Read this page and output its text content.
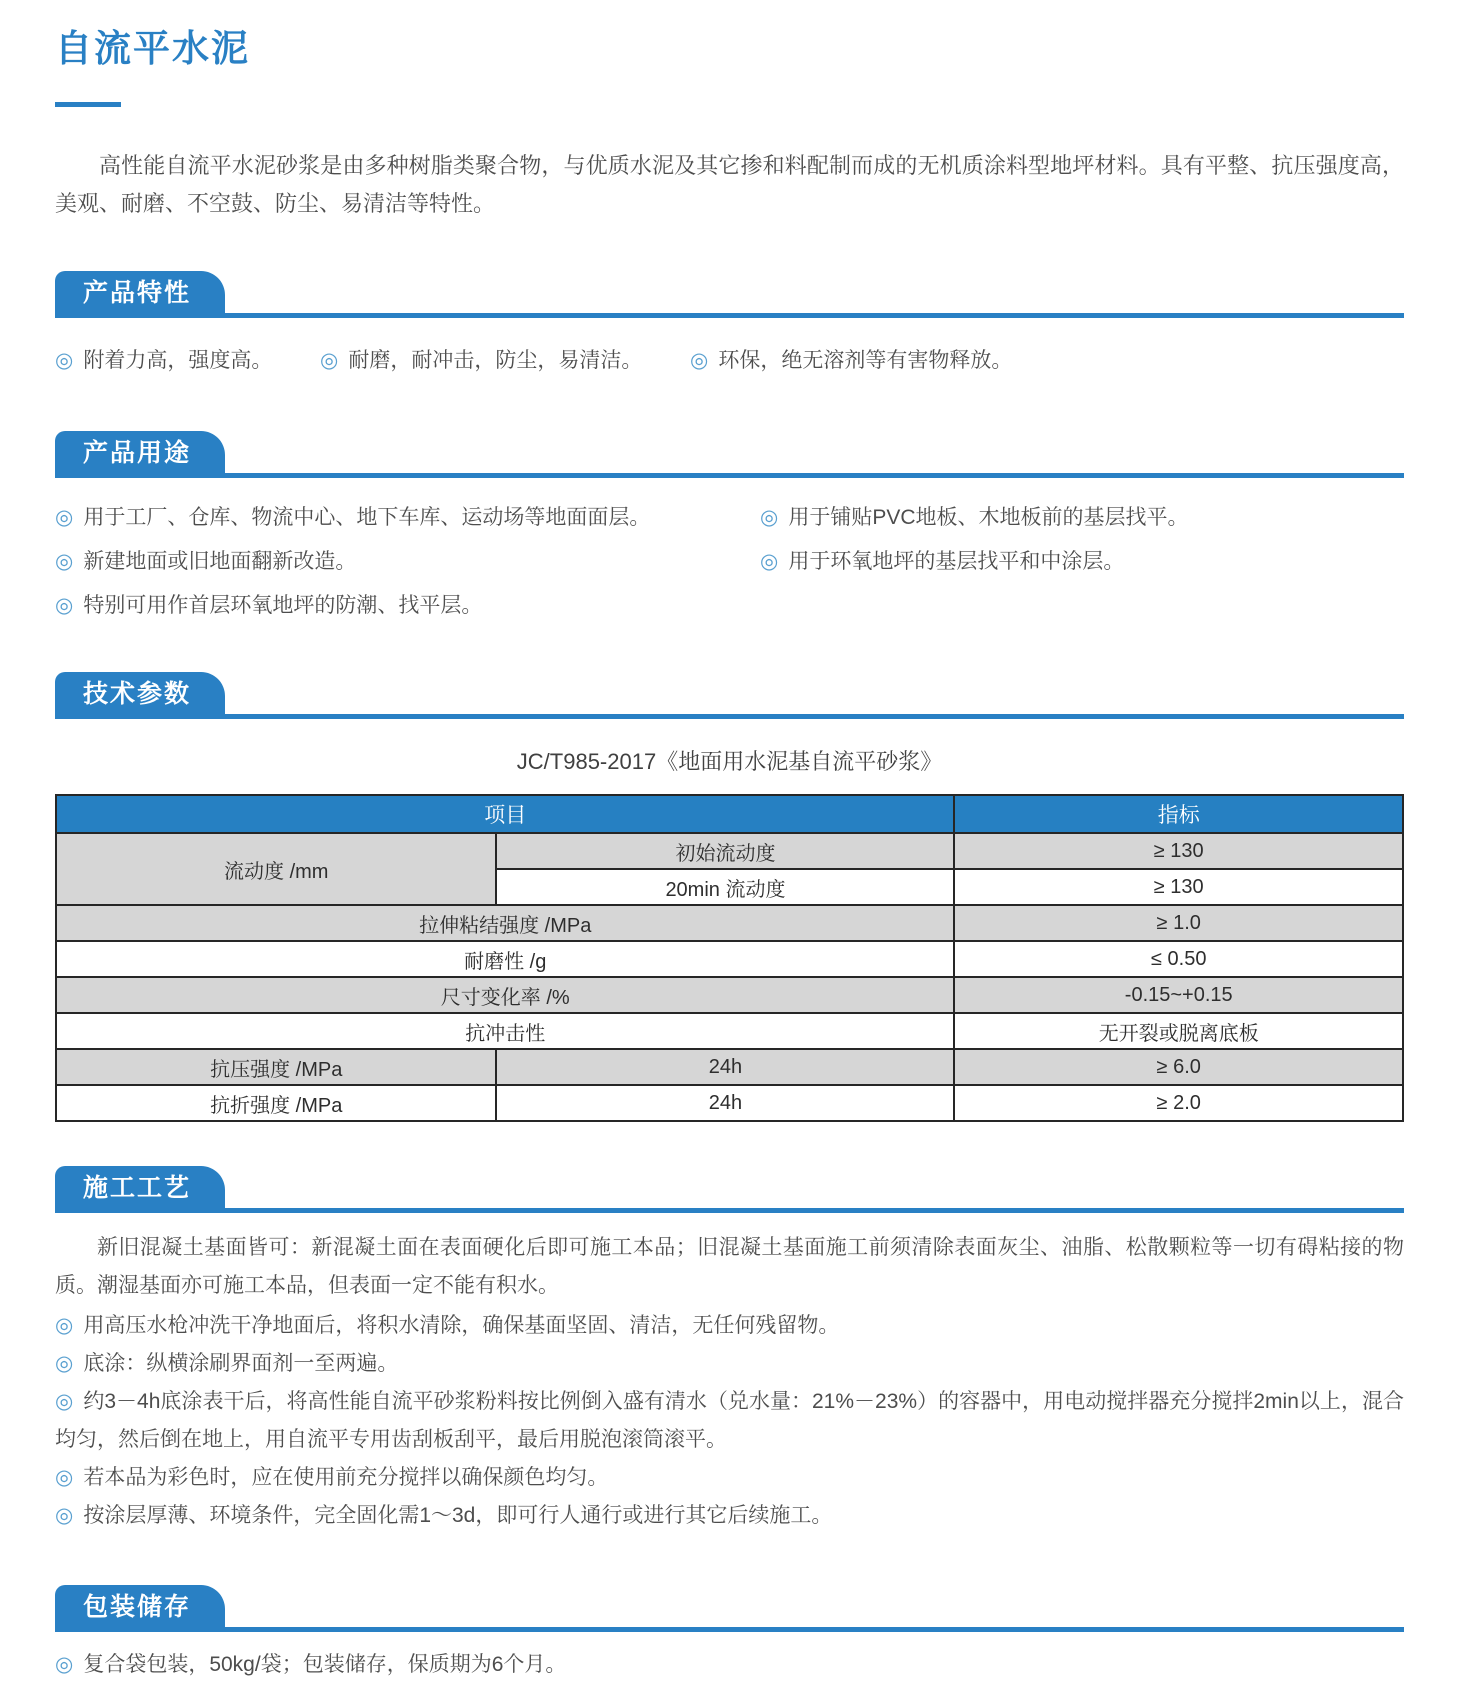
自流平水泥

高性能自流平水泥砂浆是由多种树脂类聚合物，与优质水泥及其它掺和料配制而成的无机质涂料型地坪材料。具有平整、抗压强度高，美观、耐磨、不空鼓、防尘、易清洁等特性。

产品特性
◎ 附着力高，强度高。 ◎ 耐磨，耐冲击，防尘，易清洁。 ◎ 环保，绝无溶剂等有害物释放。
产品用途
◎ 用于工厂、仓库、物流中心、地下车库、运动场等地面面层。
◎ 新建地面或旧地面翻新改造。
◎ 特别可用作首层环氧地坪的防潮、找平层。
◎ 用于铺贴PVC地板、木地板前的基层找平。
◎ 用于环氧地坪的基层找平和中涂层。
技术参数
JC/T985-2017《地面用水泥基自流平砂浆》
项目		指标
流动度 /mm	初始流动度	≥ 130
	20min 流动度	≥ 130
拉伸粘结强度 /MPa		≥ 1.0
耐磨性 /g		≤ 0.50
尺寸变化率 /%		-0.15~+0.15
抗冲击性		无开裂或脱离底板
抗压强度 /MPa	24h	≥ 6.0
抗折强度 /MPa	24h	≥ 2.0
施工工艺

新旧混凝土基面皆可：新混凝土面在表面硬化后即可施工本品；旧混凝土基面施工前须清除表面灰尘、油脂、松散颗粒等一切有碍粘接的物质。潮湿基面亦可施工本品，但表面一定不能有积水。

◎ 用高压水枪冲洗干净地面后，将积水清除，确保基面坚固、清洁，无任何残留物。
◎ 底涂：纵横涂刷界面剂一至两遍。
◎ 约3－4h底涂表干后，将高性能自流平砂浆粉料按比例倒入盛有清水（兑水量：21%－23%）的容器中，用电动搅拌器充分搅拌2min以上，混合均匀，然后倒在地上，用自流平专用齿刮板刮平，最后用脱泡滚筒滚平。
◎ 若本品为彩色时，应在使用前充分搅拌以确保颜色均匀。
◎ 按涂层厚薄、环境条件，完全固化需1～3d，即可行人通行或进行其它后续施工。
包装储存
◎ 复合袋包装，50kg/袋；包装储存，保质期为6个月。
